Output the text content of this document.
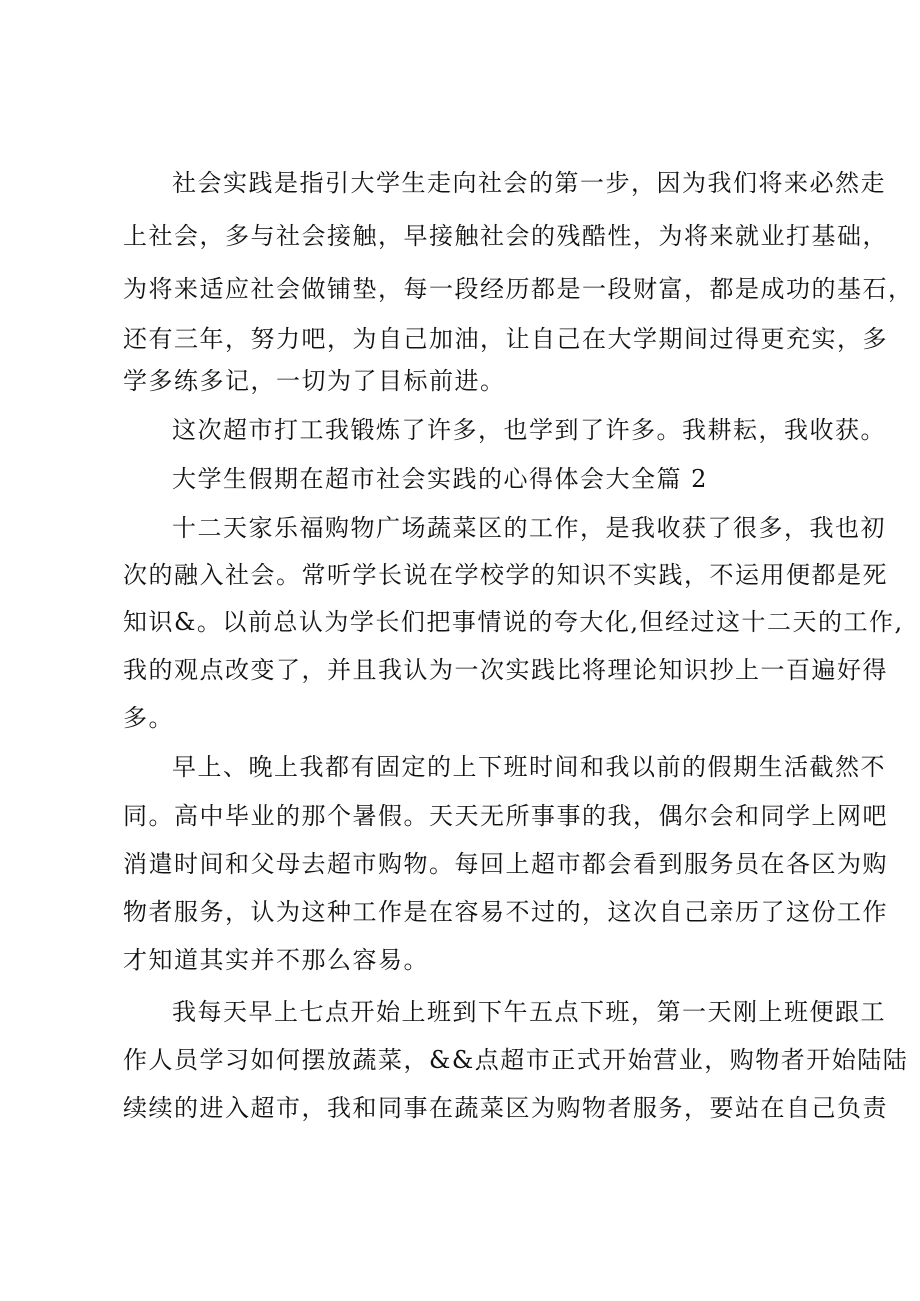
社会实践是指引大学生走向社会的第一步，因为我们将来必然走
上社会，多与社会接触，早接触社会的残酷性，为将来就业打基础，
为将来适应社会做铺垫，每一段经历都是一段财富，都是成功的基石，
还有三年，努力吧，为自己加油，让自己在大学期间过得更充实，多
学多练多记，一切为了目标前进。
这次超市打工我锻炼了许多，也学到了许多。我耕耘，我收获。
大学生假期在超市社会实践的心得体会大全篇 2
十二天家乐福购物广场蔬菜区的工作，是我收获了很多，我也初
次的融入社会。常听学长说在学校学的知识不实践，不运用便都是死
知识&。以前总认为学长们把事情说的夸大化,但经过这十二天的工作,
我的观点改变了，并且我认为一次实践比将理论知识抄上一百遍好得
多。
早上、晚上我都有固定的上下班时间和我以前的假期生活截然不
同。高中毕业的那个暑假。天天无所事事的我，偶尔会和同学上网吧
消遣时间和父母去超市购物。每回上超市都会看到服务员在各区为购
物者服务，认为这种工作是在容易不过的，这次自己亲历了这份工作
才知道其实并不那么容易。
我每天早上七点开始上班到下午五点下班，第一天刚上班便跟工
作人员学习如何摆放蔬菜，&&点超市正式开始营业，购物者开始陆陆
续续的进入超市，我和同事在蔬菜区为购物者服务，要站在自己负责
